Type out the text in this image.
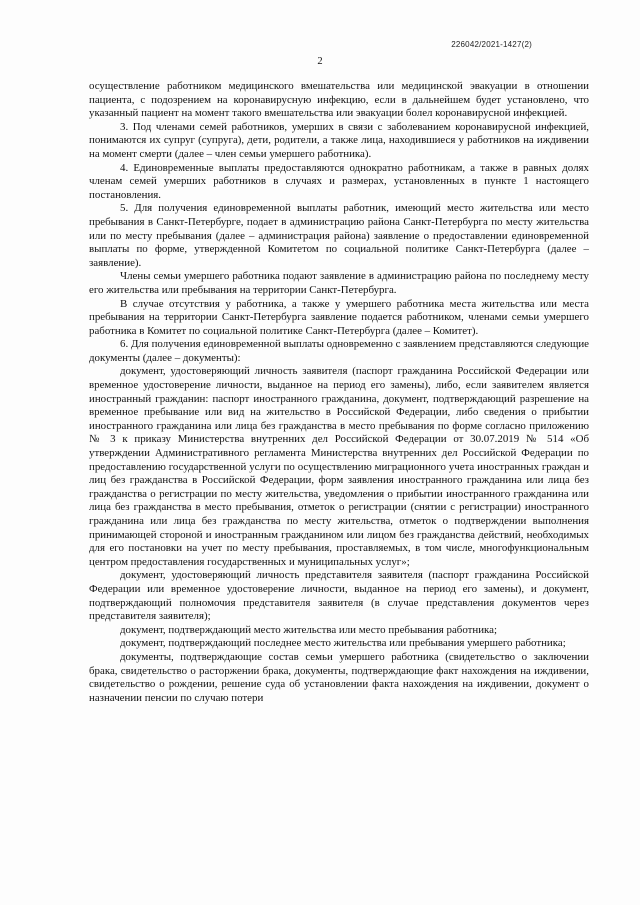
226042/2021-1427(2)
2

осуществление работником медицинского вмешательства или медицинской эвакуации в отношении пациента, с подозрением на коронавирусную инфекцию, если в дальнейшем будет установлено, что указанный пациент на момент такого вмешательства или эвакуации болел коронавирусной инфекцией.

3. Под членами семей работников, умерших в связи с заболеванием коронавирусной инфекцией, понимаются их супруг (супруга), дети, родители, а также лица, находившиеся у работников на иждивении на момент смерти (далее – член семьи умершего работника).

4. Единовременные выплаты предоставляются однократно работникам, а также в равных долях членам семей умерших работников в случаях и размерах, установленных в пункте 1 настоящего постановления.

5. Для получения единовременной выплаты работник, имеющий место жительства или место пребывания в Санкт-Петербурге, подает в администрацию района Санкт-Петербурга по месту жительства или по месту пребывания (далее – администрация района) заявление о предоставлении единовременной выплаты по форме, утвержденной Комитетом по социальной политике Санкт-Петербурга (далее – заявление).

Члены семьи умершего работника подают заявление в администрацию района по последнему месту его жительства или пребывания на территории Санкт-Петербурга.

В случае отсутствия у работника, а также у умершего работника места жительства или места пребывания на территории Санкт-Петербурга заявление подается работником, членами семьи умершего работника в Комитет по социальной политике Санкт-Петербурга (далее – Комитет).

6. Для получения единовременной выплаты одновременно с заявлением представляются следующие документы (далее – документы):

документ, удостоверяющий личность заявителя (паспорт гражданина Российской Федерации или временное удостоверение личности, выданное на период его замены), либо, если заявителем является иностранный гражданин: паспорт иностранного гражданина, документ, подтверждающий разрешение на временное пребывание или вид на жительство в Российской Федерации, либо сведения о прибытии иностранного гражданина или лица без гражданства в место пребывания по форме согласно приложению № 3 к приказу Министерства внутренних дел Российской Федерации от 30.07.2019 № 514 «Об утверждении Административного регламента Министерства внутренних дел Российской Федерации по предоставлению государственной услуги по осуществлению миграционного учета иностранных граждан и лиц без гражданства в Российской Федерации, форм заявления иностранного гражданина или лица без гражданства о регистрации по месту жительства, уведомления о прибытии иностранного гражданина или лица без гражданства в место пребывания, отметок о регистрации (снятии с регистрации) иностранного гражданина или лица без гражданства по месту жительства, отметок о подтверждении выполнения принимающей стороной и иностранным гражданином или лицом без гражданства действий, необходимых для его постановки на учет по месту пребывания, проставляемых, в том числе, многофункциональным центром предоставления государственных и муниципальных услуг»;

документ, удостоверяющий личность представителя заявителя (паспорт гражданина Российской Федерации или временное удостоверение личности, выданное на период его замены), и документ, подтверждающий полномочия представителя заявителя (в случае представления документов через представителя заявителя);

документ, подтверждающий место жительства или место пребывания работника;

документ, подтверждающий последнее место жительства или пребывания умершего работника;

документы, подтверждающие состав семьи умершего работника (свидетельство о заключении брака, свидетельство о расторжении брака, документы, подтверждающие факт нахождения на иждивении, свидетельство о рождении, решение суда об установлении факта нахождения на иждивении, документ о назначении пенсии по случаю потери
